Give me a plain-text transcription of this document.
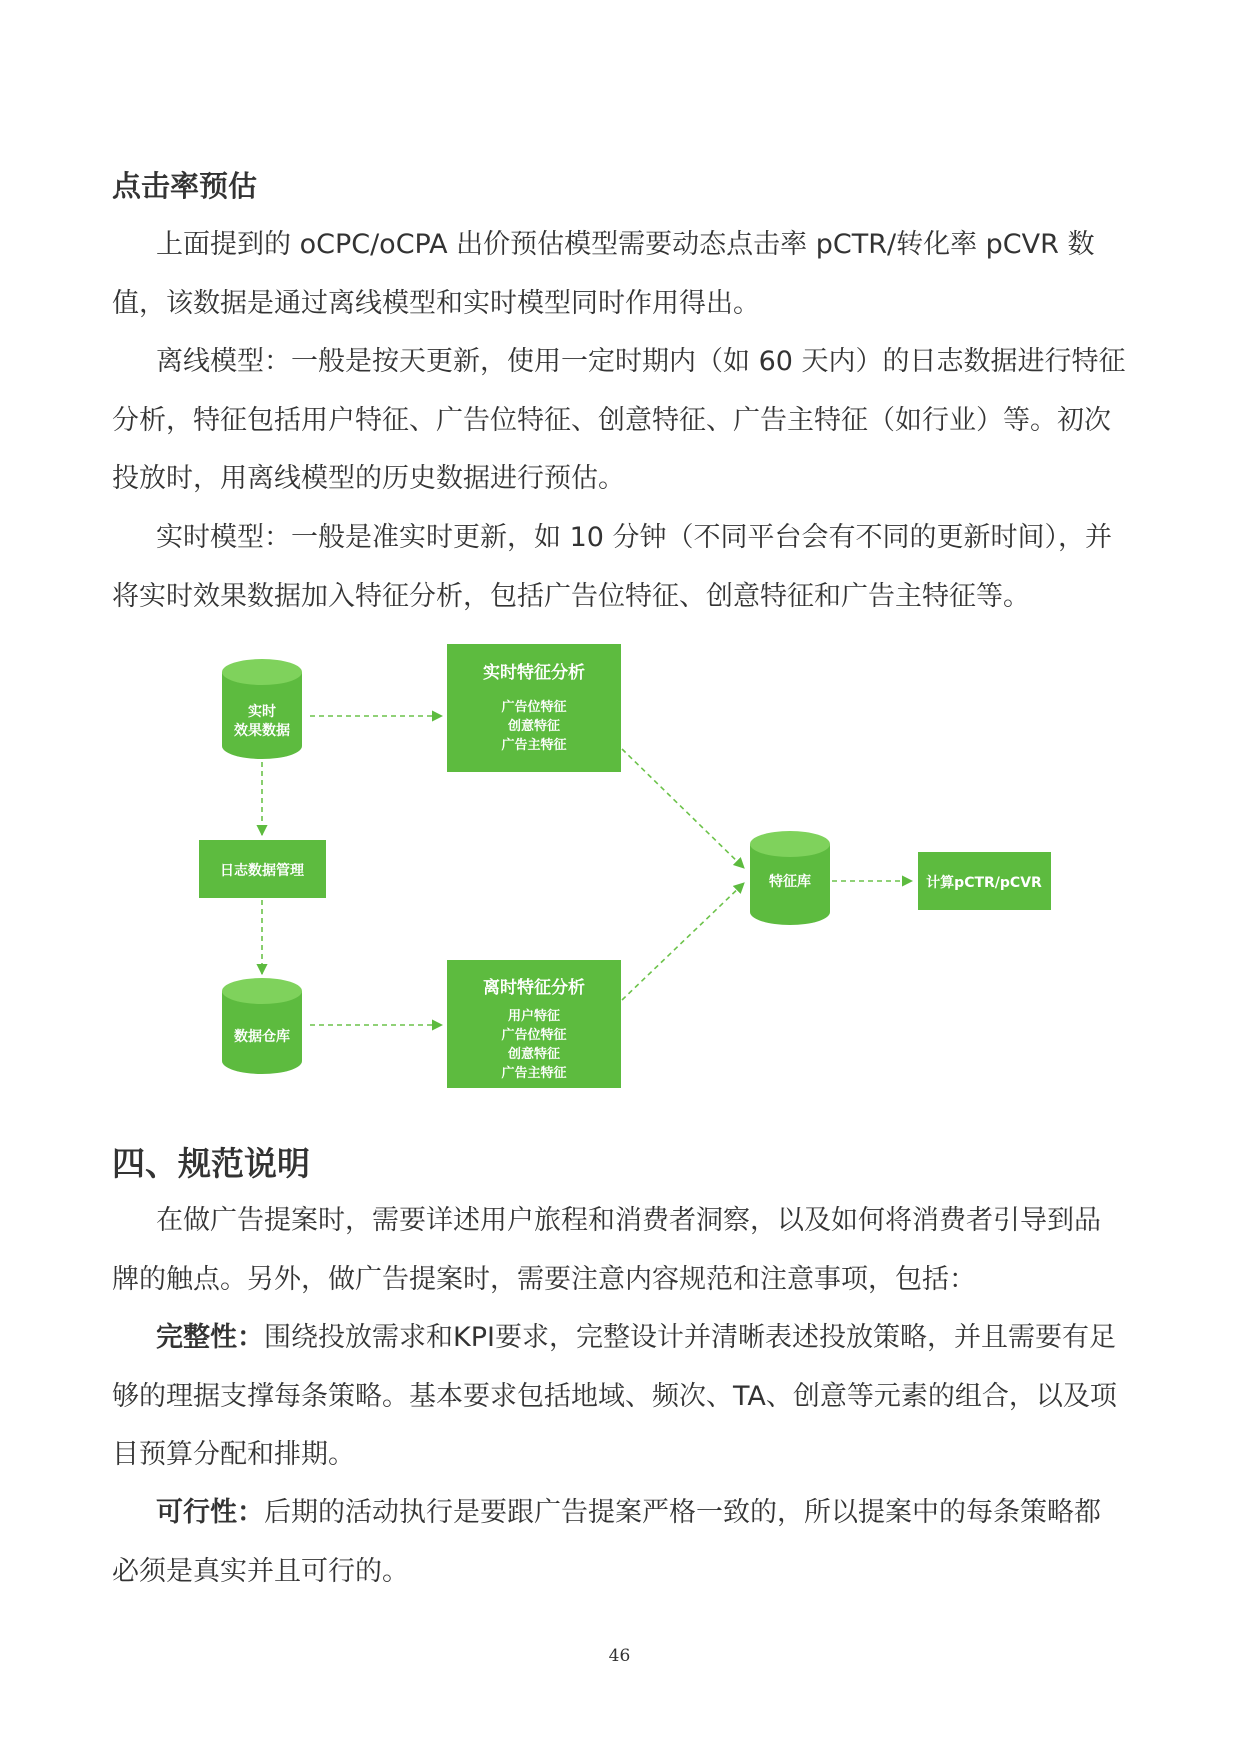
点击率预估
上面提到的 oCPC/oCPA 出价预估模型需要动态点击率 pCTR/转化率 pCVR 数
值，该数据是通过离线模型和实时模型同时作用得出。
离线模型：一般是按天更新，使用一定时期内（如 60 天内）的日志数据进行特征
分析，特征包括用户特征、广告位特征、创意特征、广告主特征（如行业）等。初次
投放时，用离线模型的历史数据进行预估。
实时模型：一般是准实时更新，如 10 分钟（不同平台会有不同的更新时间），并
将实时效果数据加入特征分析，包括广告位特征、创意特征和广告主特征等。
实时
效果数据
日志数据管理
数据仓库
实时特征分析
广告位特征
创意特征
广告主特征
离时特征分析
用户特征
广告位特征
创意特征
广告主特征
特征库	计算pCTR/pCVR
四、规范说明
在做广告提案时，需要详述用户旅程和消费者洞察，以及如何将消费者引导到品
牌的触点。另外，做广告提案时，需要注意内容规范和注意事项，包括：
完整性：围绕投放需求和KPI要求，完整设计并清晰表述投放策略，并且需要有足
够的理据支撑每条策略。基本要求包括地域、频次、TA、创意等元素的组合，以及项
目预算分配和排期。
可行性：后期的活动执行是要跟广告提案严格一致的，所以提案中的每条策略都
必须是真实并且可行的。
46
